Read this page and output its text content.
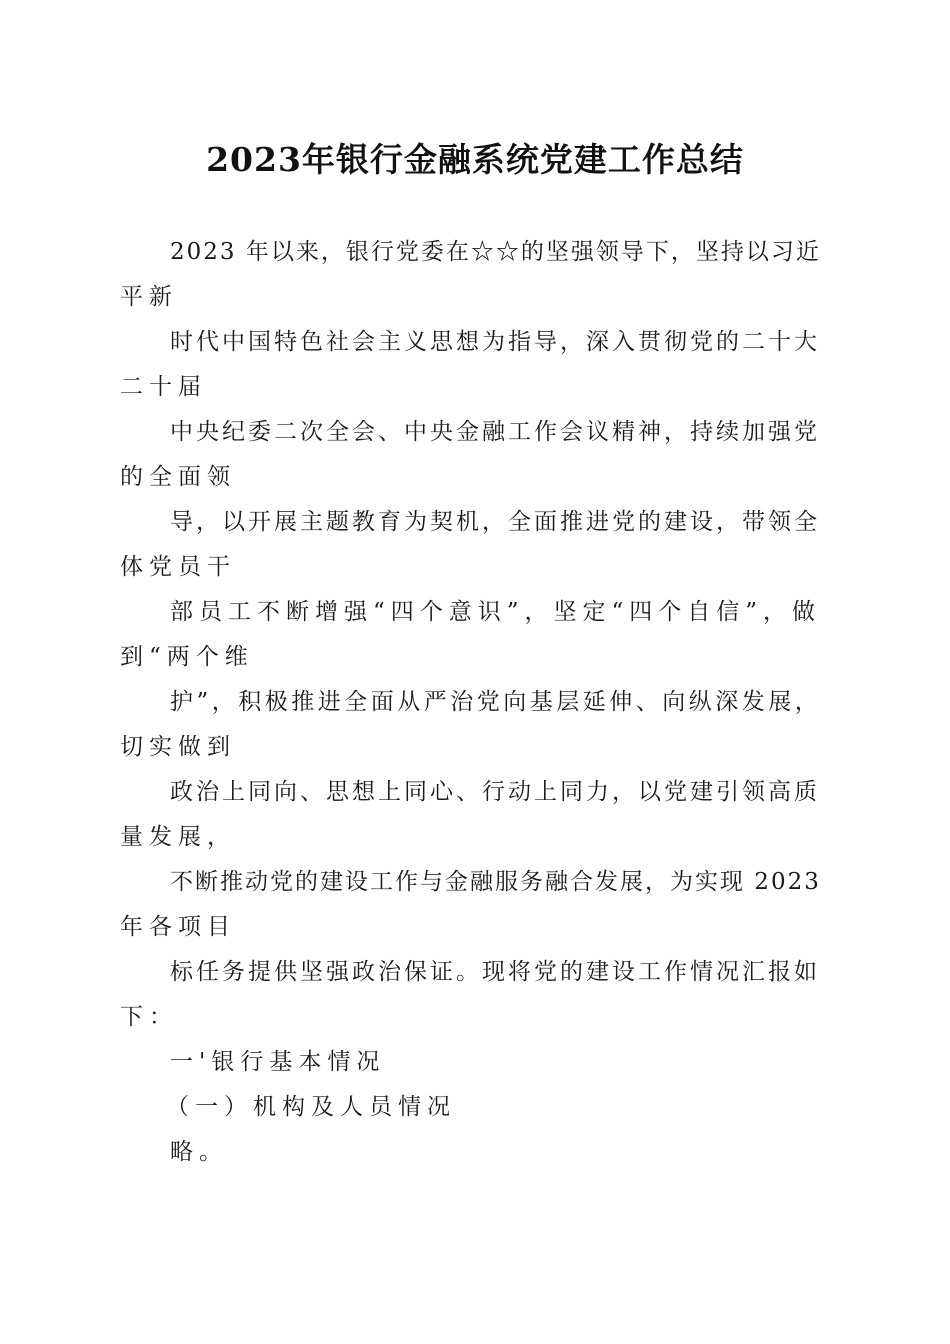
2023年银行金融系统党建工作总结
2023 年以来，银行党委在☆☆的坚强领导下，坚持以习近
平新
时代中国特色社会主义思想为指导，深入贯彻党的二十大
二十届
中央纪委二次全会、中央金融工作会议精神，持续加强党
的全面领
导，以开展主题教育为契机，全面推进党的建设，带领全
体党员干
部员工不断增强“四个意识”，坚定“四个自信”，做
到“两个维
护”，积极推进全面从严治党向基层延伸、向纵深发展，
切实做到
政治上同向、思想上同心、行动上同力，以党建引领高质
量发展，
不断推动党的建设工作与金融服务融合发展，为实现 2023
年各项目
标任务提供坚强政治保证。现将党的建设工作情况汇报如
下：
一'银行基本情况
（一）机构及人员情况
略。
